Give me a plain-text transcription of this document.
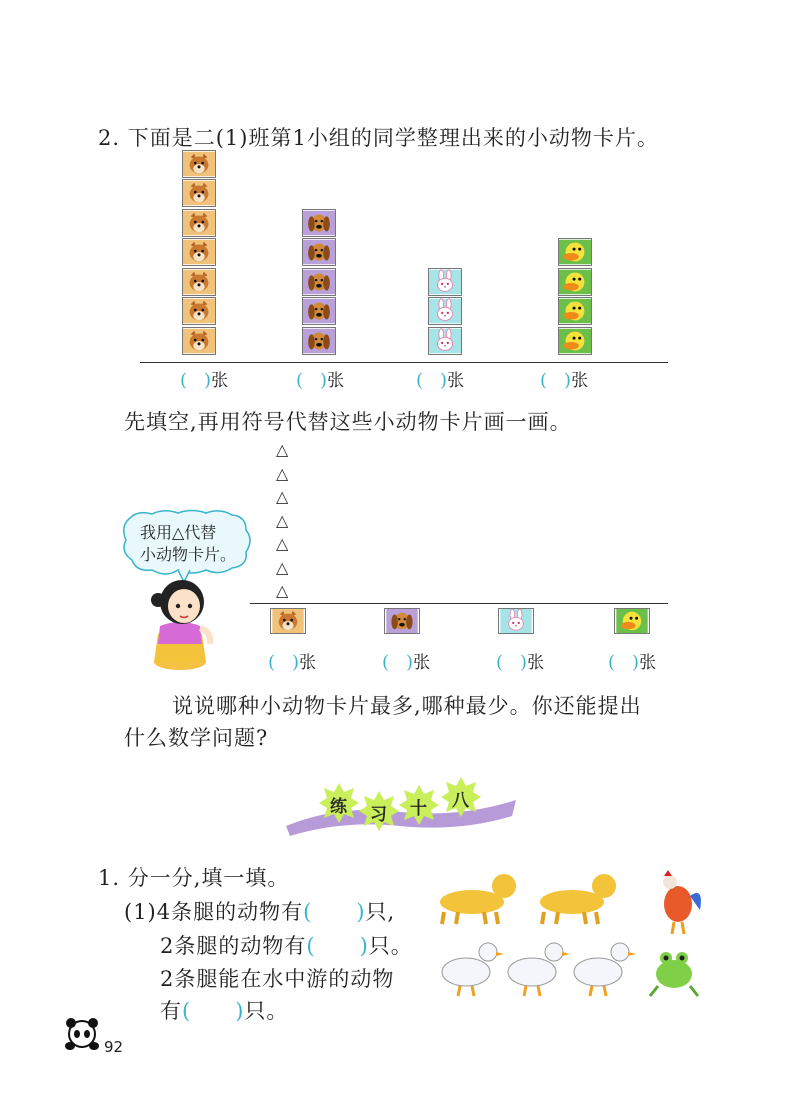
2. 下面是二(1)班第1小组的同学整理出来的小动物卡片。
(  )张	(  )张	(  )张	(  )张
先填空,再用符号代替这些小动物卡片画一画。
△
△
△
△
△
△
△
我用△代替
小动物卡片。
(  )张	(  )张	(  )张	(  )张
说说哪种小动物卡片最多,哪种最少。你还能提出
什么数学问题?
练 习 十 八
1. 分一分,填一填。
(1)4条腿的动物有(   )只,
2条腿的动物有(   )只。
2条腿能在水中游的动物
有(   )只。
92
